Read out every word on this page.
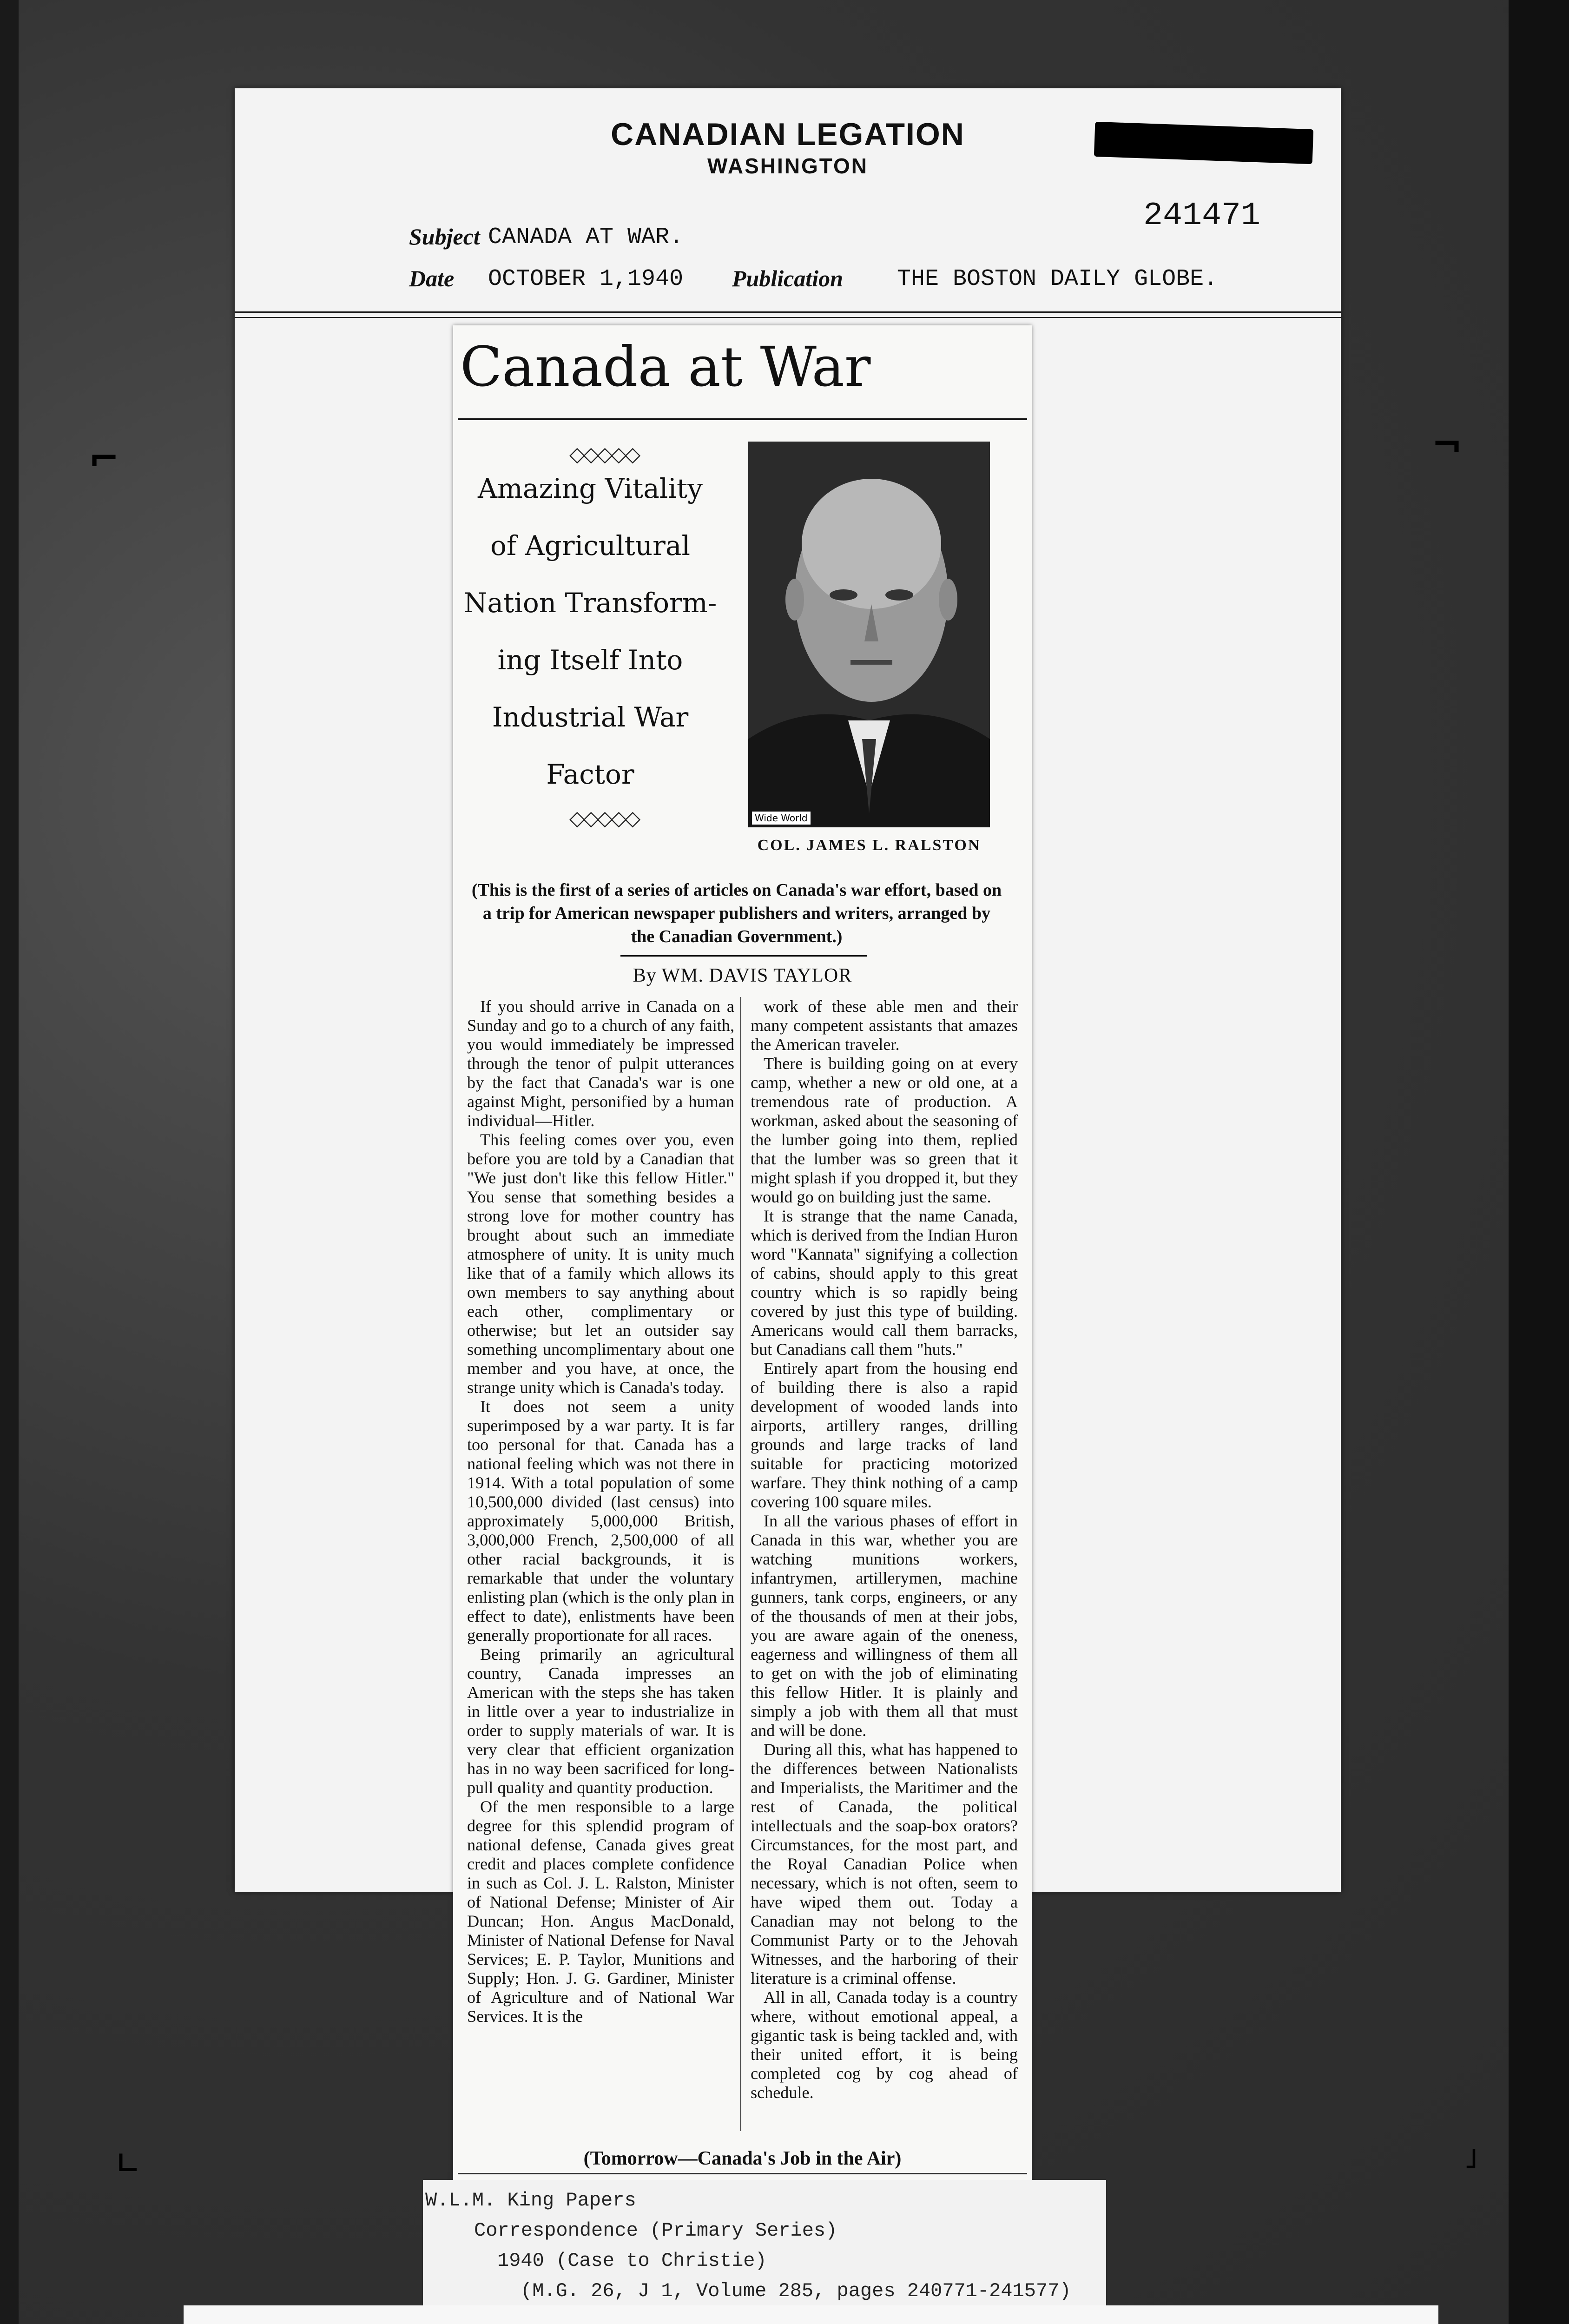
⌐	¬
∟	˩
CANADIAN LEGATION
WASHINGTON
241471
Subject CANADA AT WAR.
Date OCTOBER 1,1940 Publication THE BOSTON DAILY GLOBE.
Canada at War
◇◇◇◇◇
Amazing Vitality
of Agricultural
Nation Transform-
ing Itself Into
Industrial War
Factor
◇◇◇◇◇	Wide World
COL. JAMES L. RALSTON
(This is the first of a series of articles on Canada's war effort, based on a trip for American newspaper publishers and writers, arranged by the Canadian Government.)
By WM. DAVIS TAYLOR

If you should arrive in Canada on a Sunday and go to a church of any faith, you would immediately be impressed through the tenor of pulpit utterances by the fact that Canada's war is one against Might, personified by a human individual—Hitler.

This feeling comes over you, even before you are told by a Canadian that "We just don't like this fellow Hitler." You sense that something besides a strong love for mother country has brought about such an immediate atmosphere of unity. It is unity much like that of a family which allows its own members to say anything about each other, complimentary or otherwise; but let an outsider say something uncomplimentary about one member and you have, at once, the strange unity which is Canada's today.

It does not seem a unity superimposed by a war party. It is far too personal for that. Canada has a national feeling which was not there in 1914. With a total population of some 10,500,000 divided (last census) into approximately 5,000,000 British, 3,000,000 French, 2,500,000 of all other racial backgrounds, it is remarkable that under the voluntary enlisting plan (which is the only plan in effect to date), enlistments have been generally proportionate for all races.

Being primarily an agricultural country, Canada impresses an American with the steps she has taken in little over a year to industrialize in order to supply materials of war. It is very clear that efficient organization has in no way been sacrificed for long-pull quality and quantity production.

Of the men responsible to a large degree for this splendid program of national defense, Canada gives great credit and places complete confidence in such as Col. J. L. Ralston, Minister of National Defense; Minister of Air Duncan; Hon. Angus MacDonald, Minister of National Defense for Naval Services; E. P. Taylor, Munitions and Supply; Hon. J. G. Gardiner, Minister of Agriculture and of National War Services. It is the

work of these able men and their many competent assistants that amazes the American traveler.

There is building going on at every camp, whether a new or old one, at a tremendous rate of production. A workman, asked about the seasoning of the lumber going into them, replied that the lumber was so green that it might splash if you dropped it, but they would go on building just the same.

It is strange that the name Canada, which is derived from the Indian Huron word "Kannata" signifying a collection of cabins, should apply to this great country which is so rapidly being covered by just this type of building. Americans would call them barracks, but Canadians call them "huts."

Entirely apart from the housing end of building there is also a rapid development of wooded lands into airports, artillery ranges, drilling grounds and large tracks of land suitable for practicing motorized warfare. They think nothing of a camp covering 100 square miles.

In all the various phases of effort in Canada in this war, whether you are watching munitions workers, infantrymen, artillerymen, machine gunners, tank corps, engineers, or any of the thousands of men at their jobs, you are aware again of the oneness, eagerness and willingness of them all to get on with the job of eliminating this fellow Hitler. It is plainly and simply a job with them all that must and will be done.

During all this, what has happened to the differences between Nationalists and Imperialists, the Maritimer and the rest of Canada, the political intellectuals and the soap-box orators? Circumstances, for the most part, and the Royal Canadian Police when necessary, which is not often, seem to have wiped them out. Today a Canadian may not belong to the Communist Party or to the Jehovah Witnesses, and the harboring of their literature is a criminal offense.

All in all, Canada today is a country where, without emotional appeal, a gigantic task is being tackled and, with their united effort, it is being completed cog by cog ahead of schedule.

(Tomorrow—Canada's Job in the Air)
W.L.M. King Papers
Correspondence (Primary Series)
1940 (Case to Christie)
(M.G. 26, J 1, Volume 285, pages 240771-241577)
